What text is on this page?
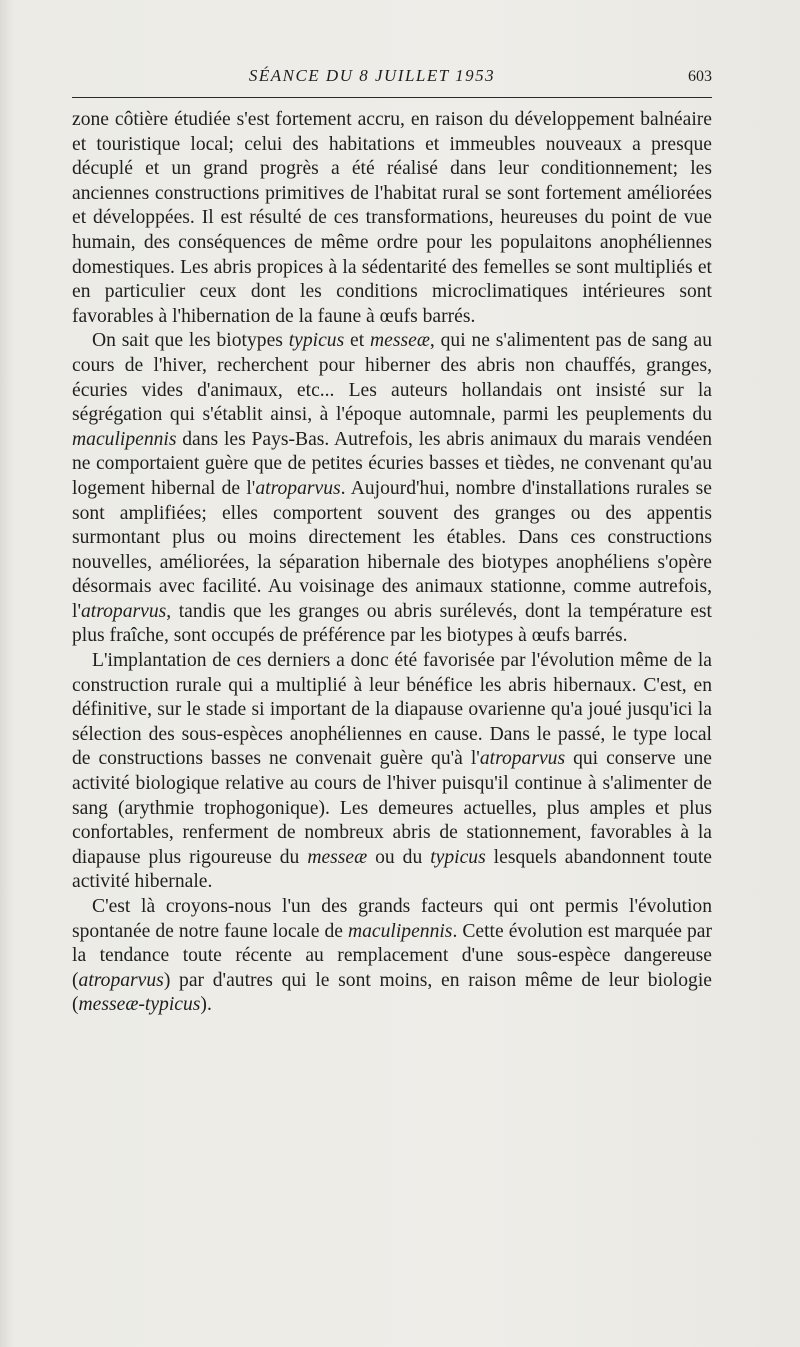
SÉANCE DU 8 JUILLET 1953	603

zone côtière étudiée s'est fortement accru, en raison du développement balnéaire et touristique local; celui des habitations et immeubles nouveaux a presque décuplé et un grand progrès a été réalisé dans leur conditionnement; les anciennes constructions primitives de l'habitat rural se sont fortement améliorées et développées. Il est résulté de ces transformations, heureuses du point de vue humain, des conséquences de même ordre pour les populaitons anophéliennes domestiques. Les abris propices à la sédentarité des femelles se sont multipliés et en particulier ceux dont les conditions microclimatiques intérieures sont favorables à l'hibernation de la faune à œufs barrés.

On sait que les biotypes typicus et messeæ, qui ne s'alimentent pas de sang au cours de l'hiver, recherchent pour hiberner des abris non chauffés, granges, écuries vides d'animaux, etc... Les auteurs hollandais ont insisté sur la ségrégation qui s'établit ainsi, à l'époque automnale, parmi les peuplements du maculipennis dans les Pays-Bas. Autrefois, les abris animaux du marais vendéen ne comportaient guère que de petites écuries basses et tièdes, ne convenant qu'au logement hibernal de l'atroparvus. Aujourd'hui, nombre d'installations rurales se sont amplifiées; elles comportent souvent des granges ou des appentis surmontant plus ou moins directement les étables. Dans ces constructions nouvelles, améliorées, la séparation hibernale des biotypes anophéliens s'opère désormais avec facilité. Au voisinage des animaux stationne, comme autrefois, l'atroparvus, tandis que les granges ou abris surélevés, dont la température est plus fraîche, sont occupés de préférence par les biotypes à œufs barrés.

L'implantation de ces derniers a donc été favorisée par l'évolution même de la construction rurale qui a multiplié à leur bénéfice les abris hibernaux. C'est, en définitive, sur le stade si important de la diapause ovarienne qu'a joué jusqu'ici la sélection des sous-espèces anophéliennes en cause. Dans le passé, le type local de constructions basses ne convenait guère qu'à l'atroparvus qui conserve une activité biologique relative au cours de l'hiver puisqu'il continue à s'alimenter de sang (arythmie trophogonique). Les demeures actuelles, plus amples et plus confortables, renferment de nombreux abris de stationnement, favorables à la diapause plus rigoureuse du messeæ ou du typicus lesquels abandonnent toute activité hibernale.

C'est là croyons-nous l'un des grands facteurs qui ont permis l'évolution spontanée de notre faune locale de maculipennis. Cette évolution est marquée par la tendance toute récente au remplacement d'une sous-espèce dangereuse (atroparvus) par d'autres qui le sont moins, en raison même de leur biologie (messeæ-typicus).
